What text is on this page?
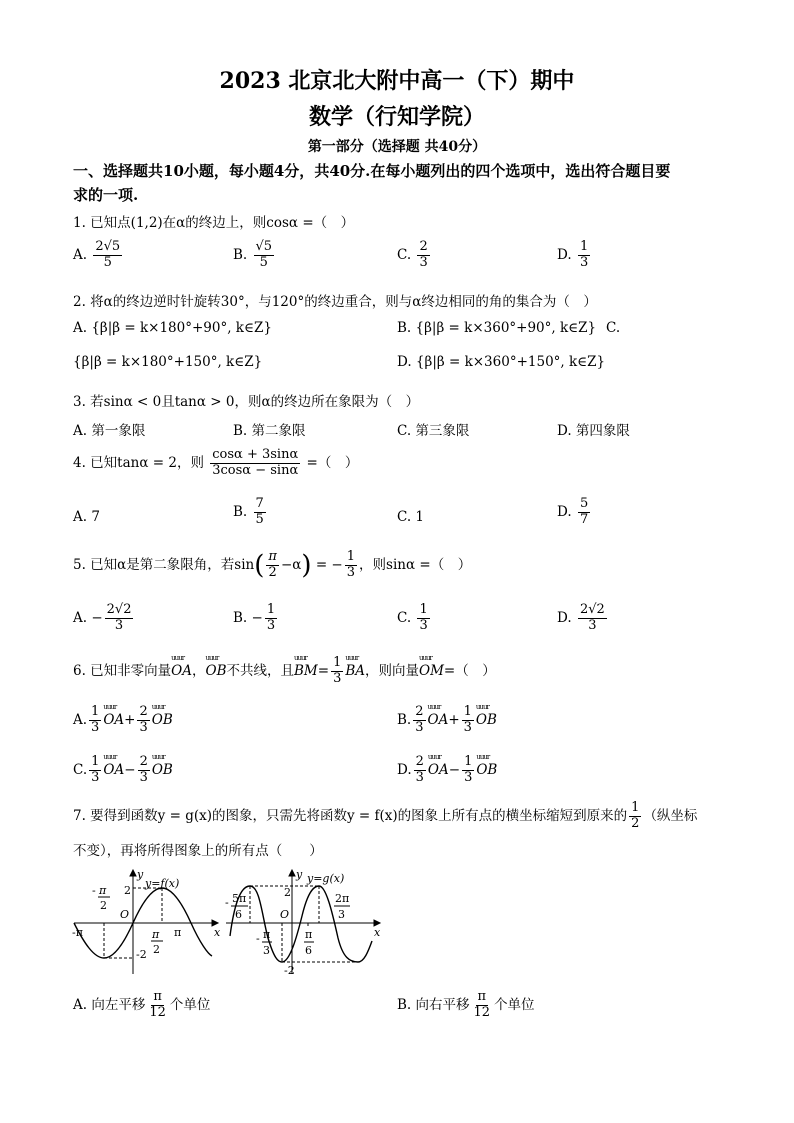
2023 北京北大附中高一（下）期中
数学（行知学院）
第一部分（选择题 共40分）
一、选择题共10小题，每小题4分，共40分.在每小题列出的四个选项中，选出符合题目要
求的一项.
1. 已知点(1,2)在α的终边上，则cosα =（　）
A. $\frac{2√5}{5}$	B. $\frac{√5}{5}$	C. $\frac{2}{3}$	D. $\frac{1}{3}$
2. 将α的终边逆时针旋转30°，与120°的终边重合，则与α终边相同的角的集合为（　）
A. {β|β = k×180°+90°, k∈Z}	B. {β|β = k×360°+90°, k∈Z} C.
{β|β = k×180°+150°, k∈Z}	D. {β|β = k×360°+150°, k∈Z}
3. 若sinα < 0且tanα > 0，则α的终边所在象限为（　）
A. 第一象限	B. 第二象限	C. 第三象限	D. 第四象限
4. 已知tanα = 2，则 $\frac{\cos\alpha + 3\sin\alpha}{3\cos\alpha - \sin\alpha}$ =（　）
A. 7	B. $\frac{7}{5}$	C. 1	D. $\frac{5}{7}$
5. 已知α是第二象限角，若$\sin( \frac{\pi}{2} -\alpha)$ = − $\frac{1}{3}$ ，则sinα =（　）
A. − $\frac{2√2}{3}$	B. − $\frac{1}{3}$	C. $\frac{1}{3}$	D. $\frac{2√2}{3}$
6. 已知非零向量uuur OA，uuur OB不共线，且uuur $BM= \frac{1}{3}$ uuur BA，则向量uuur OM=（　）
A. $\frac{1}{3}$ uuur $OA+ \frac{2}{3}$ uuur OB	B. $\frac{2}{3}$ uuur $OA+ \frac{1}{3}$ uuur OB
C. $\frac{1}{3}$ uuur $OA- \frac{2}{3}$ uuur OB	D. $\frac{2}{3}$ uuur $OA- \frac{1}{3}$ uuur OB
7. 要得到函数y = g(x)的图象，只需先将函数y = f(x)的图象上所有点的横坐标缩短到原来的 $\frac{1}{2}$ （纵坐标
不变），再将所得图象上的所有点（　　）
y
x
y=f(x)
O
2
-2
-π	π
- π
2
π
2
y
x
y=g(x)
O
2
-2
- 5π
6
- π
3
π
6
2π
3
A. 向左平移 $\frac{\pi}{12}$ 个单位	B. 向右平移 $\frac{\pi}{12}$ 个单位
